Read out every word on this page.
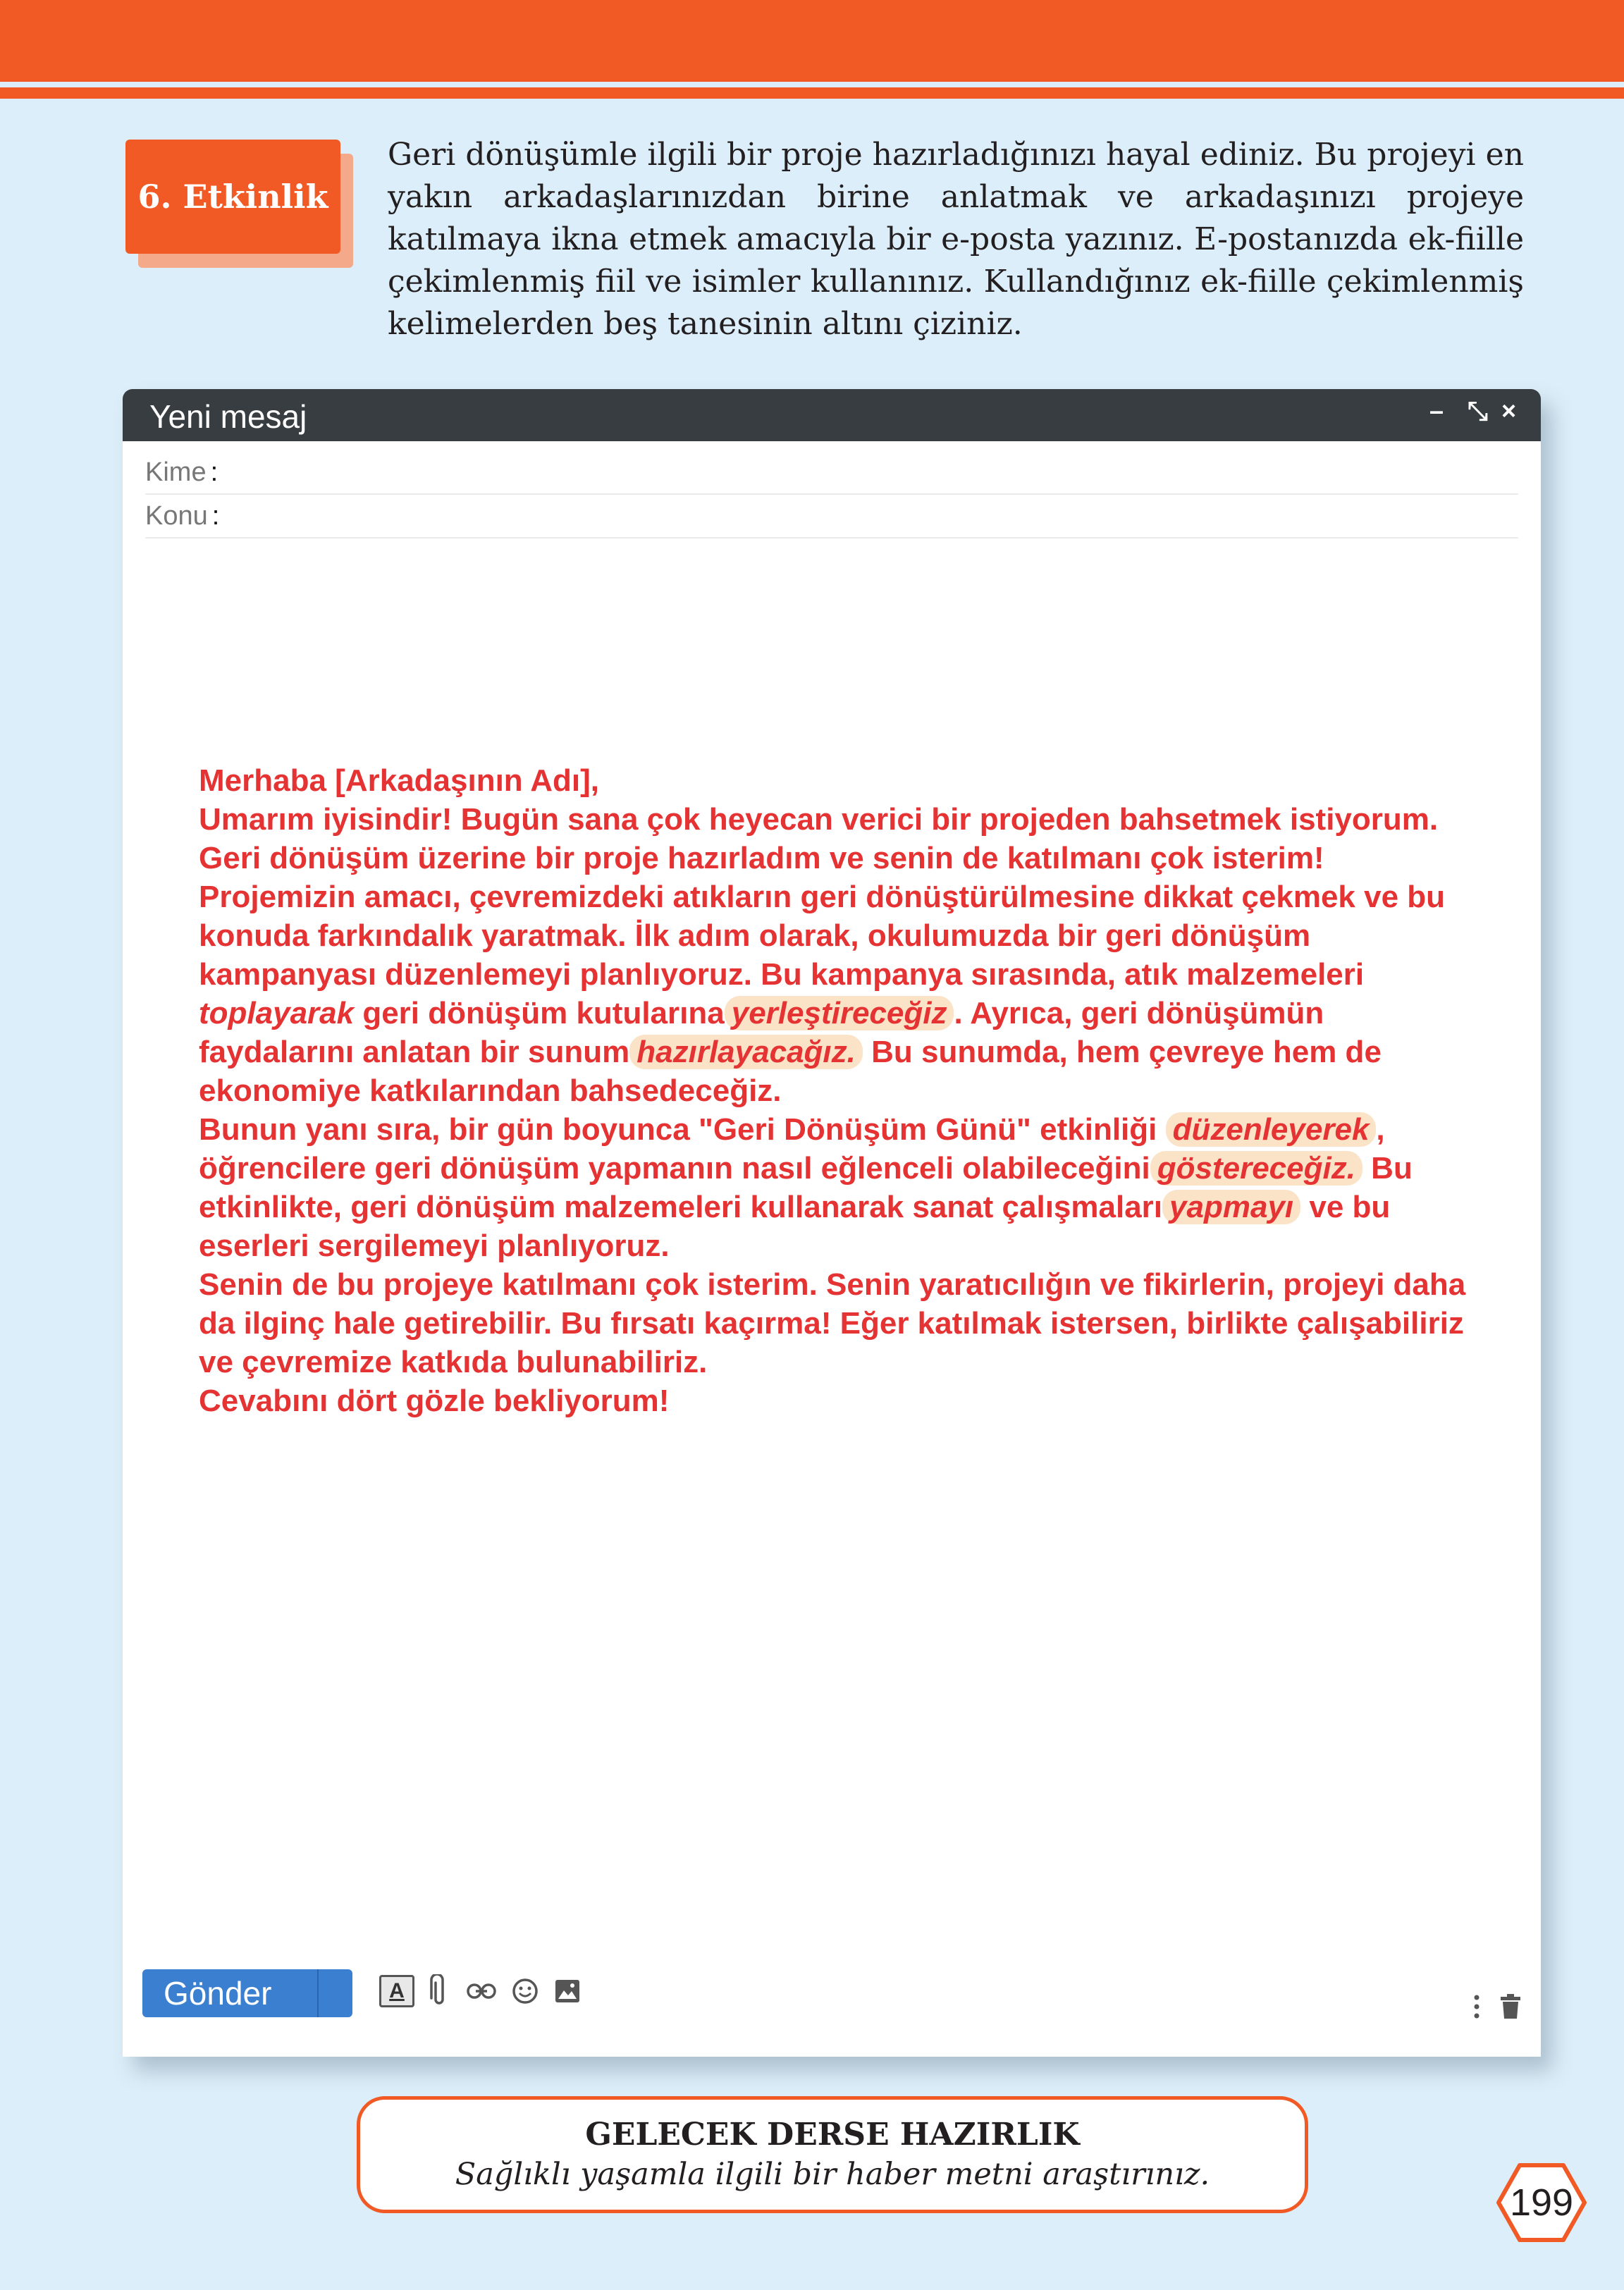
6. Etkinlik

Geri dönüşümle ilgili bir proje hazırladığınızı hayal ediniz. Bu projeyi en yakın arkadaşlarınızdan birine anlatmak ve arkadaşınızı projeye katılmaya ikna etmek amacıyla bir e-posta yazınız. E-postanızda ek-fiille çekimlenmiş fiil ve isimler kullanınız. Kullandığınız ek-fiille çekimlenmiş kelimelerden beş tanesinin altını çiziniz.

Yeni mesaj	– ⤡ ×
Kime :
Konu :

Merhaba [Arkadaşının Adı],

Umarım iyisindir! Bugün sana çok heyecan verici bir projeden bahsetmek istiyorum. Geri dönüşüm üzerine bir proje hazırladım ve senin de katılmanı çok isterim!

Projemizin amacı, çevremizdeki atıkların geri dönüştürülmesine dikkat çekmek ve bu konuda farkındalık yaratmak. İlk adım olarak, okulumuzda bir geri dönüşüm kampanyası düzenlemeyi planlıyoruz. Bu kampanya sırasında, atık malzemeleri toplayarak geri dönüşüm kutularına yerleştireceğiz . Ayrıca, geri dönüşümün faydalarını anlatan bir sunum hazırlayacağız. Bu sunumda, hem çevreye hem de ekonomiye katkılarından bahsedeceğiz.

Bunun yanı sıra, bir gün boyunca "Geri Dönüşüm Günü" etkinliği düzenleyerek , öğrencilere geri dönüşüm yapmanın nasıl eğlenceli olabileceğini göstereceğiz. Bu etkinlikte, geri dönüşüm malzemeleri kullanarak sanat çalışmaları yapmayı ve bu eserleri sergilemeyi planlıyoruz.

Senin de bu projeye katılmanı çok isterim. Senin yaratıcılığın ve fikirlerin, projeyi daha da ilginç hale getirebilir. Bu fırsatı kaçırma! Eğer katılmak istersen, birlikte çalışabiliriz ve çevremize katkıda bulunabiliriz.

Cevabını dört gözle bekliyorum!

Gönder	A
GELECEK DERSE HAZIRLIK
Sağlıklı yaşamla ilgili bir haber metni araştırınız.
199
